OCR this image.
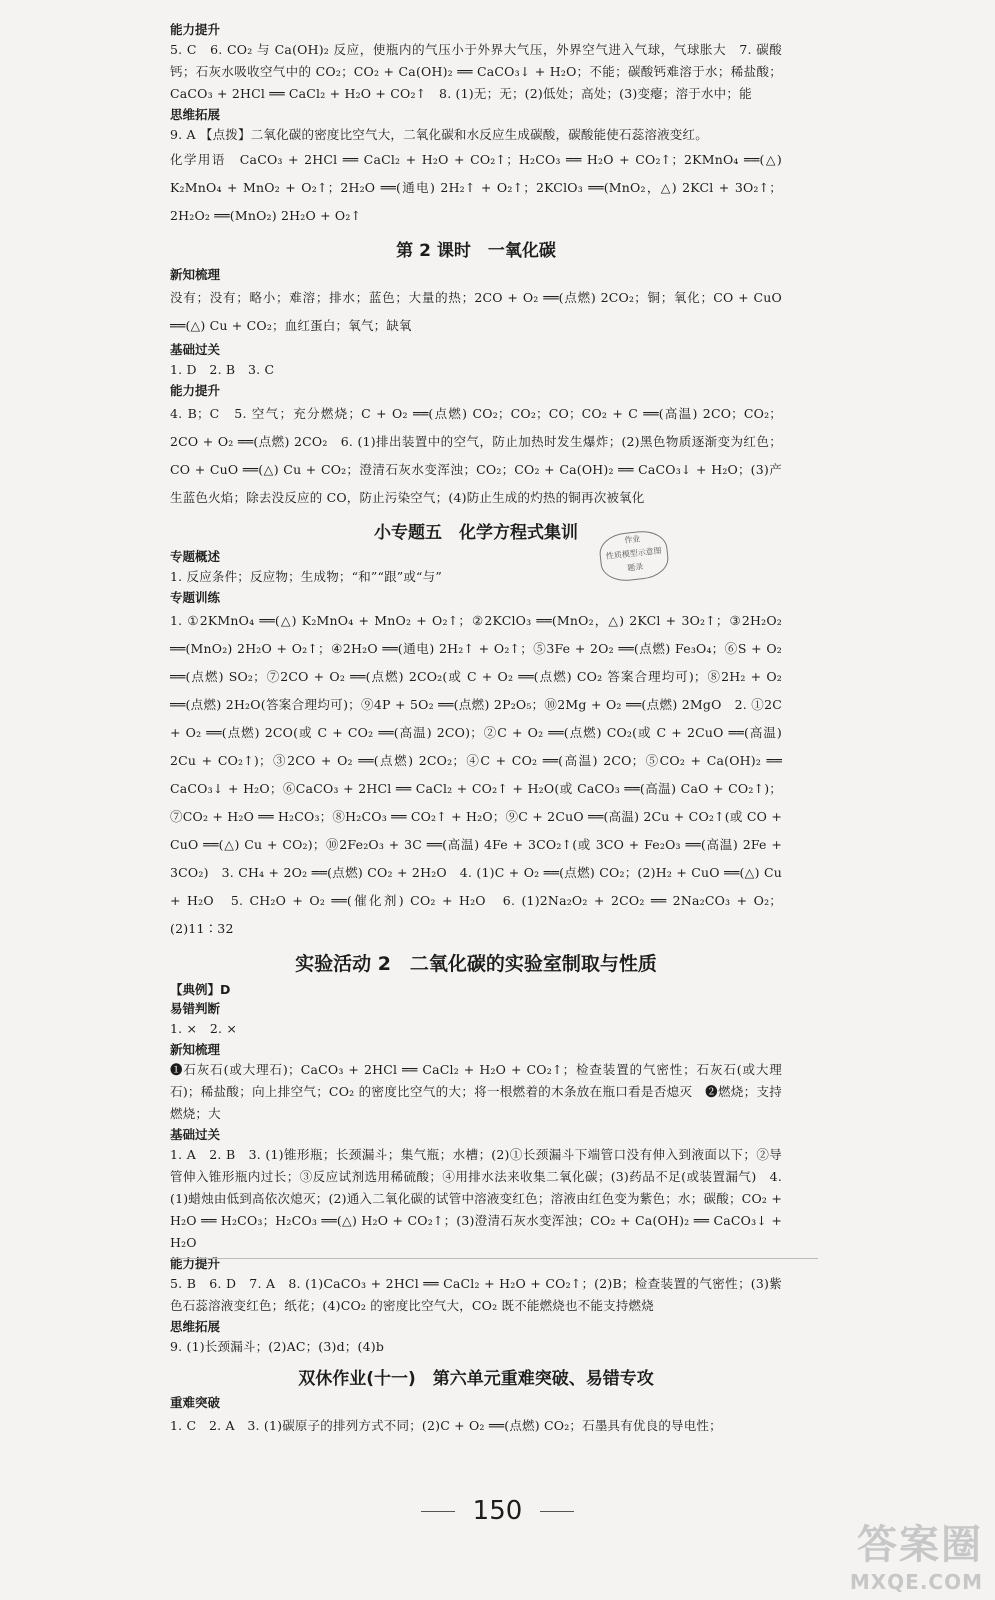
能力提升
5. C　6. CO₂ 与 Ca(OH)₂ 反应，使瓶内的气压小于外界大气压，外界空气进入气球，气球胀大　7. 碳酸钙；石灰水吸收空气中的 CO₂；CO₂ + Ca(OH)₂ ══ CaCO₃↓ + H₂O；不能；碳酸钙难溶于水；稀盐酸；CaCO₃ + 2HCl ══ CaCl₂ + H₂O + CO₂↑　8. (1)无；无；(2)低处；高处；(3)变瘪；溶于水中；能
思维拓展
9. A 【点拨】二氧化碳的密度比空气大，二氧化碳和水反应生成碳酸，碳酸能使石蕊溶液变红。
化学用语　CaCO₃ + 2HCl ══ CaCl₂ + H₂O + CO₂↑；H₂CO₃ ══ H₂O + CO₂↑；2KMnO₄ ══(△) K₂MnO₄ + MnO₂ + O₂↑；2H₂O ══(通电) 2H₂↑ + O₂↑；2KClO₃ ══(MnO₂，△) 2KCl + 3O₂↑；2H₂O₂ ══(MnO₂) 2H₂O + O₂↑
第 2 课时　一氧化碳
新知梳理
没有；没有；略小；难溶；排水；蓝色；大量的热；2CO + O₂ ══(点燃) 2CO₂；铜；氧化；CO + CuO ══(△) Cu + CO₂；血红蛋白；氧气；缺氧
基础过关
1. D　2. B　3. C
能力提升
4. B；C　5. 空气；充分燃烧；C + O₂ ══(点燃) CO₂；CO₂；CO；CO₂ + C ══(高温) 2CO；CO₂；2CO + O₂ ══(点燃) 2CO₂　6. (1)排出装置中的空气，防止加热时发生爆炸；(2)黑色物质逐渐变为红色；CO + CuO ══(△) Cu + CO₂；澄清石灰水变浑浊；CO₂；CO₂ + Ca(OH)₂ ══ CaCO₃↓ + H₂O；(3)产生蓝色火焰；除去没反应的 CO，防止污染空气；(4)防止生成的灼热的铜再次被氧化
小专题五　化学方程式集训
专题概述
1. 反应条件；反应物；生成物；“和”“跟”或“与”
专题训练
1. ①2KMnO₄ ══(△) K₂MnO₄ + MnO₂ + O₂↑；②2KClO₃ ══(MnO₂，△) 2KCl + 3O₂↑；③2H₂O₂ ══(MnO₂) 2H₂O + O₂↑；④2H₂O ══(通电) 2H₂↑ + O₂↑；⑤3Fe + 2O₂ ══(点燃) Fe₃O₄；⑥S + O₂ ══(点燃) SO₂；⑦2CO + O₂ ══(点燃) 2CO₂(或 C + O₂ ══(点燃) CO₂ 答案合理均可)；⑧2H₂ + O₂ ══(点燃) 2H₂O(答案合理均可)；⑨4P + 5O₂ ══(点燃) 2P₂O₅；⑩2Mg + O₂ ══(点燃) 2MgO　2. ①2C + O₂ ══(点燃) 2CO(或 C + CO₂ ══(高温) 2CO)；②C + O₂ ══(点燃) CO₂(或 C + 2CuO ══(高温) 2Cu + CO₂↑)；③2CO + O₂ ══(点燃) 2CO₂；④C + CO₂ ══(高温) 2CO；⑤CO₂ + Ca(OH)₂ ══ CaCO₃↓ + H₂O；⑥CaCO₃ + 2HCl ══ CaCl₂ + CO₂↑ + H₂O(或 CaCO₃ ══(高温) CaO + CO₂↑)；⑦CO₂ + H₂O ══ H₂CO₃；⑧H₂CO₃ ══ CO₂↑ + H₂O；⑨C + 2CuO ══(高温) 2Cu + CO₂↑(或 CO + CuO ══(△) Cu + CO₂)；⑩2Fe₂O₃ + 3C ══(高温) 4Fe + 3CO₂↑(或 3CO + Fe₂O₃ ══(高温) 2Fe + 3CO₂)　3. CH₄ + 2O₂ ══(点燃) CO₂ + 2H₂O　4. (1)C + O₂ ══(点燃) CO₂；(2)H₂ + CuO ══(△) Cu + H₂O　5. CH₂O + O₂ ══(催化剂) CO₂ + H₂O　6. (1)2Na₂O₂ + 2CO₂ ══ 2Na₂CO₃ + O₂；(2)11∶32
实验活动 2　二氧化碳的实验室制取与性质
【典例】D
易错判断
1. ×　2. ×
新知梳理
❶石灰石(或大理石)；CaCO₃ + 2HCl ══ CaCl₂ + H₂O + CO₂↑；检查装置的气密性；石灰石(或大理石)；稀盐酸；向上排空气；CO₂ 的密度比空气的大；将一根燃着的木条放在瓶口看是否熄灭　❷燃烧；支持燃烧；大
基础过关
1. A　2. B　3. (1)锥形瓶；长颈漏斗；集气瓶；水槽；(2)①长颈漏斗下端管口没有伸入到液面以下；②导管伸入锥形瓶内过长；③反应试剂选用稀硫酸；④用排水法来收集二氧化碳；(3)药品不足(或装置漏气)　4. (1)蜡烛由低到高依次熄灭；(2)通入二氧化碳的试管中溶液变红色；溶液由红色变为紫色；水；碳酸；CO₂ + H₂O ══ H₂CO₃；H₂CO₃ ══(△) H₂O + CO₂↑；(3)澄清石灰水变浑浊；CO₂ + Ca(OH)₂ ══ CaCO₃↓ + H₂O
能力提升
5. B　6. D　7. A　8. (1)CaCO₃ + 2HCl ══ CaCl₂ + H₂O + CO₂↑；(2)B；检查装置的气密性；(3)紫色石蕊溶液变红色；纸花；(4)CO₂ 的密度比空气大，CO₂ 既不能燃烧也不能支持燃烧
思维拓展
9. (1)长颈漏斗；(2)AC；(3)d；(4)b
双休作业(十一)　第六单元重难突破、易错专攻
重难突破
1. C　2. A　3. (1)碳原子的排列方式不同；(2)C + O₂ ══(点燃) CO₂；石墨具有优良的导电性；
作业
性质模型示意图
题录
150
答案圈
MXQE.COM
